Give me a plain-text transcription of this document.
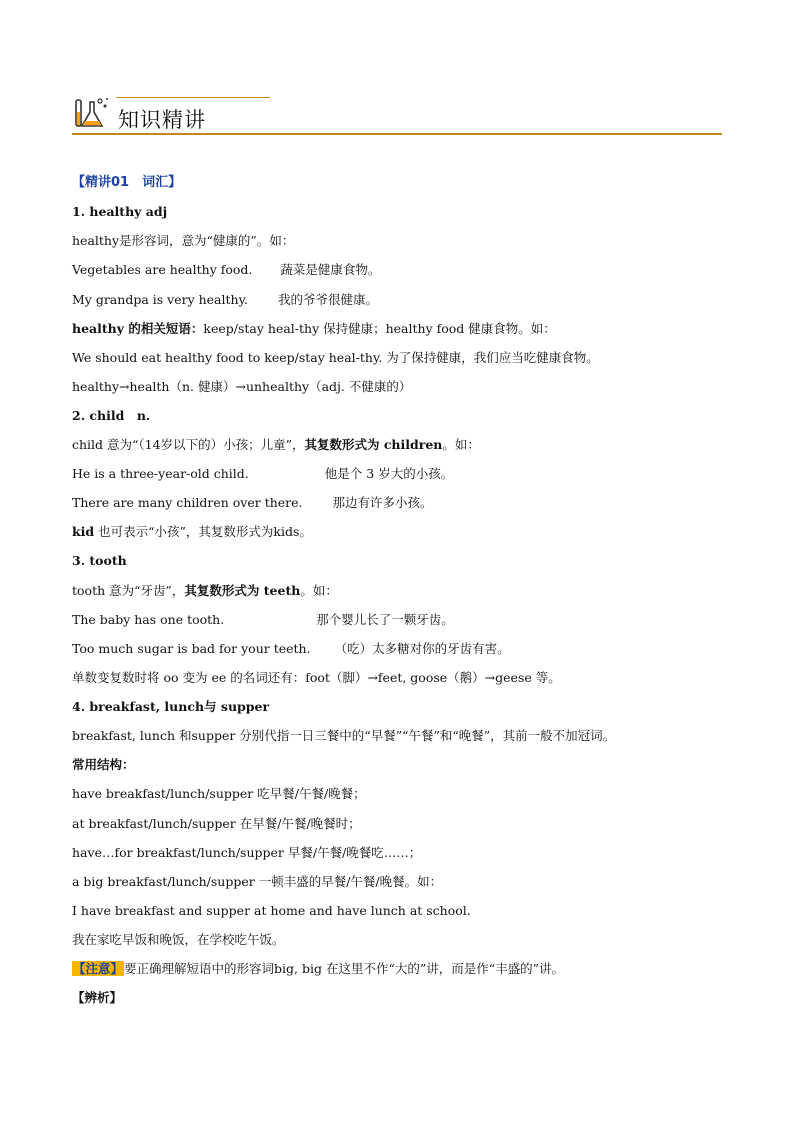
知识精讲
【精讲01　词汇】
1. healthy adj
healthy是形容词，意为“健康的”。如：
Vegetables are healthy food. 蔬菜是健康食物。
My grandpa is very healthy. 我的爷爷很健康。
healthy 的相关短语：keep/stay heal-thy 保持健康；healthy food 健康食物。如：
We should eat healthy food to keep/stay heal-thy. 为了保持健康，我们应当吃健康食物。
healthy→health（n. 健康）→unhealthy（adj. 不健康的）
2. child　n.
child 意为“（14岁以下的）小孩；儿童”，其复数形式为 children。如：
He is a three-year-old child.	他是个 3 岁大的小孩。
There are many children over there. 那边有许多小孩。
kid 也可表示“小孩”，其复数形式为kids。
3. tooth
tooth 意为“牙齿”，其复数形式为 teeth。如：
The baby has one tooth.	那个婴儿长了一颗牙齿。
Too much sugar is bad for your teeth. （吃）太多糖对你的牙齿有害。
单数变复数时将 oo 变为 ee 的名词还有：foot（脚）→feet, goose（鹅）→geese 等。
4. breakfast, lunch与 supper
breakfast, lunch 和supper 分别代指一日三餐中的“早餐”“午餐”和“晚餐”，其前一般不加冠词。
常用结构：
have breakfast/lunch/supper 吃早餐/午餐/晚餐；
at breakfast/lunch/supper 在早餐/午餐/晚餐时；
have…for breakfast/lunch/supper 早餐/午餐/晚餐吃……；
a big breakfast/lunch/supper 一顿丰盛的早餐/午餐/晚餐。如：
I have breakfast and supper at home and have lunch at school.
我在家吃早饭和晚饭，在学校吃午饭。
【注意】要正确理解短语中的形容词big, big 在这里不作“大的”讲，而是作“丰盛的”讲。
【辨析】
